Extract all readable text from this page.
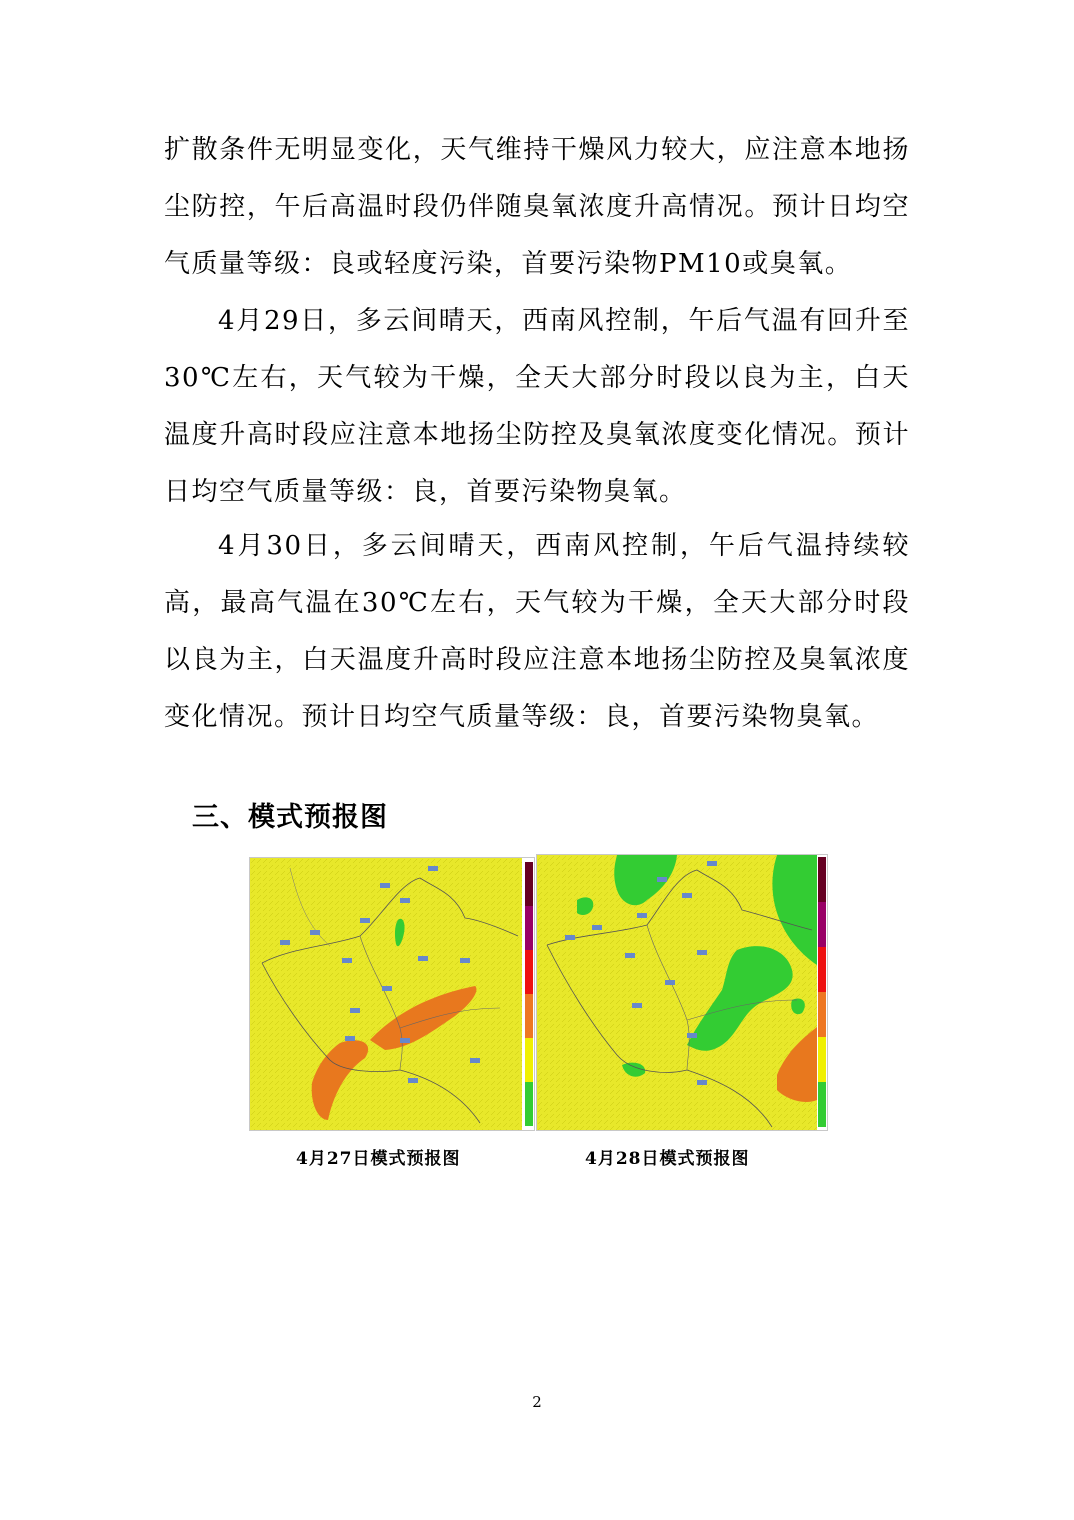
扩散条件无明显变化，天气维持干燥风力较大，应注意本地扬尘防控，午后高温时段仍伴随臭氧浓度升高情况。预计日均空气质量等级：良或轻度污染，首要污染物PM10或臭氧。

4月29日，多云间晴天，西南风控制，午后气温有回升至30℃左右，天气较为干燥，全天大部分时段以良为主，白天温度升高时段应注意本地扬尘防控及臭氧浓度变化情况。预计日均空气质量等级：良，首要污染物臭氧。

4月30日，多云间晴天，西南风控制，午后气温持续较高，最高气温在30℃左右，天气较为干燥，全天大部分时段以良为主，白天温度升高时段应注意本地扬尘防控及臭氧浓度变化情况。预计日均空气质量等级：良，首要污染物臭氧。

三、模式预报图
4月27日模式预报图	4月28日模式预报图
2
